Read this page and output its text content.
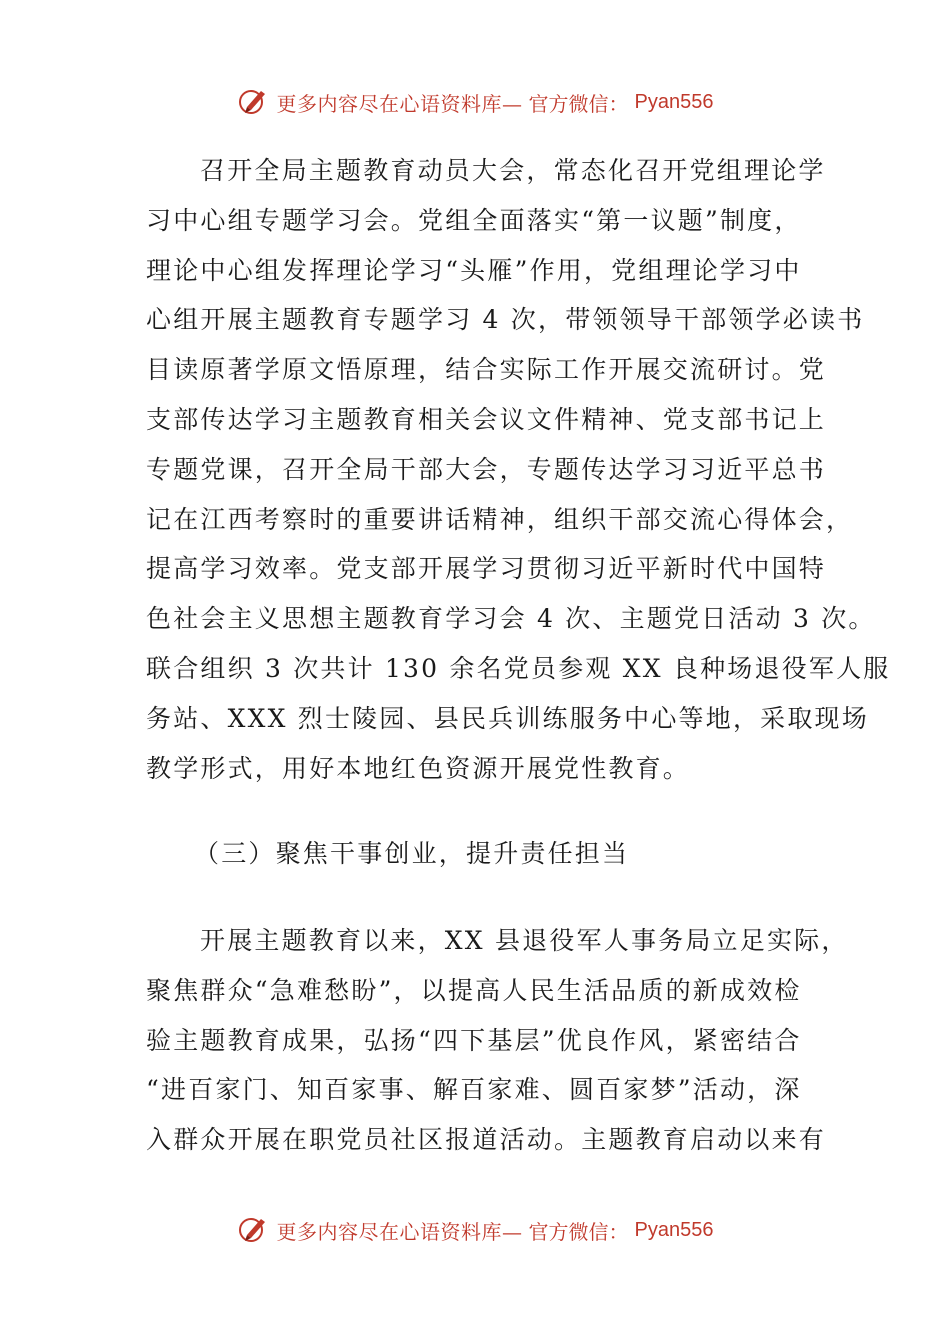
更多内容尽在心语资料库— 官方微信： Pyan556

召开全局主题教育动员大会，常态化召开党组理论学
习中心组专题学习会。党组全面落实“第一议题”制度，
理论中心组发挥理论学习“头雁”作用，党组理论学习中
心组开展主题教育专题学习 4 次，带领领导干部领学必读书
目读原著学原文悟原理，结合实际工作开展交流研讨。党
支部传达学习主题教育相关会议文件精神、党支部书记上
专题党课，召开全局干部大会，专题传达学习习近平总书
记在江西考察时的重要讲话精神，组织干部交流心得体会，
提高学习效率。党支部开展学习贯彻习近平新时代中国特
色社会主义思想主题教育学习会 4 次、主题党日活动 3 次。
联合组织 3 次共计 130 余名党员参观 XX 良种场退役军人服
务站、XXX 烈士陵园、县民兵训练服务中心等地，采取现场
教学形式，用好本地红色资源开展党性教育。

（三）聚焦干事创业，提升责任担当

开展主题教育以来，XX 县退役军人事务局立足实际，
聚焦群众“急难愁盼”，以提高人民生活品质的新成效检
验主题教育成果，弘扬“四下基层”优良作风，紧密结合
“进百家门、知百家事、解百家难、圆百家梦”活动，深
入群众开展在职党员社区报道活动。主题教育启动以来有

更多内容尽在心语资料库— 官方微信： Pyan556
